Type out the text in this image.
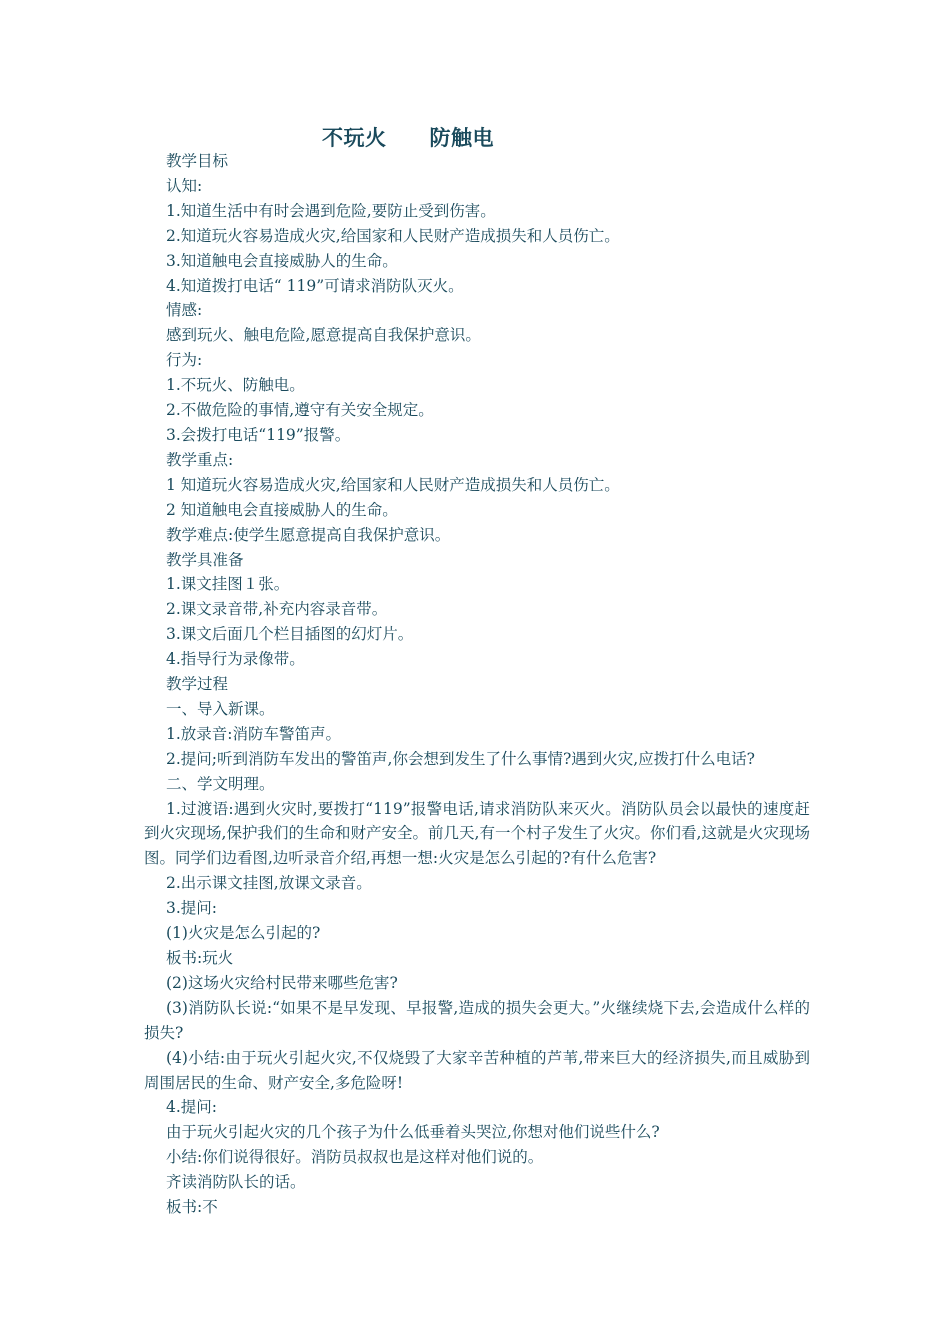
不玩火　　防触电
教学目标
认知:
1.知道生活中有时会遇到危险,要防止受到伤害。
2.知道玩火容易造成火灾,给国家和人民财产造成损失和人员伤亡。
3.知道触电会直接威胁人的生命。
4.知道拨打电话“ 119”可请求消防队灭火。
情感:
感到玩火、触电危险,愿意提高自我保护意识。
行为:
1.不玩火、防触电。
2.不做危险的事情,遵守有关安全规定。
3.会拨打电话“119”报警。
教学重点:
1 知道玩火容易造成火灾,给国家和人民财产造成损失和人员伤亡。
2 知道触电会直接威胁人的生命。
教学难点:使学生愿意提高自我保护意识。
教学具准备
1.课文挂图１张。
2.课文录音带,补充内容录音带。
3.课文后面几个栏目插图的幻灯片。
4.指导行为录像带。
教学过程
一、导入新课。
1.放录音:消防车警笛声。
2.提问;听到消防车发出的警笛声,你会想到发生了什么事情?遇到火灾,应拨打什么电话?
二、学文明理。
1.过渡语:遇到火灾时,要拨打“119”报警电话,请求消防队来灭火。消防队员会以最快的速度赶到火灾现场,保护我们的生命和财产安全。前几天,有一个村子发生了火灾。你们看,这就是火灾现场图。同学们边看图,边听录音介绍,再想一想:火灾是怎么引起的?有什么危害?
2.出示课文挂图,放课文录音。
3.提问:
(1)火灾是怎么引起的?
板书:玩火
(2)这场火灾给村民带来哪些危害?
(3)消防队长说:“如果不是早发现、早报警,造成的损失会更大。”火继续烧下去,会造成什么样的损失?
(4)小结:由于玩火引起火灾,不仅烧毁了大家辛苦种植的芦苇,带来巨大的经济损失,而且威胁到周围居民的生命、财产安全,多危险呀!
4.提问:
由于玩火引起火灾的几个孩子为什么低垂着头哭泣,你想对他们说些什么?
小结:你们说得很好。消防员叔叔也是这样对他们说的。
齐读消防队长的话。
板书:不
